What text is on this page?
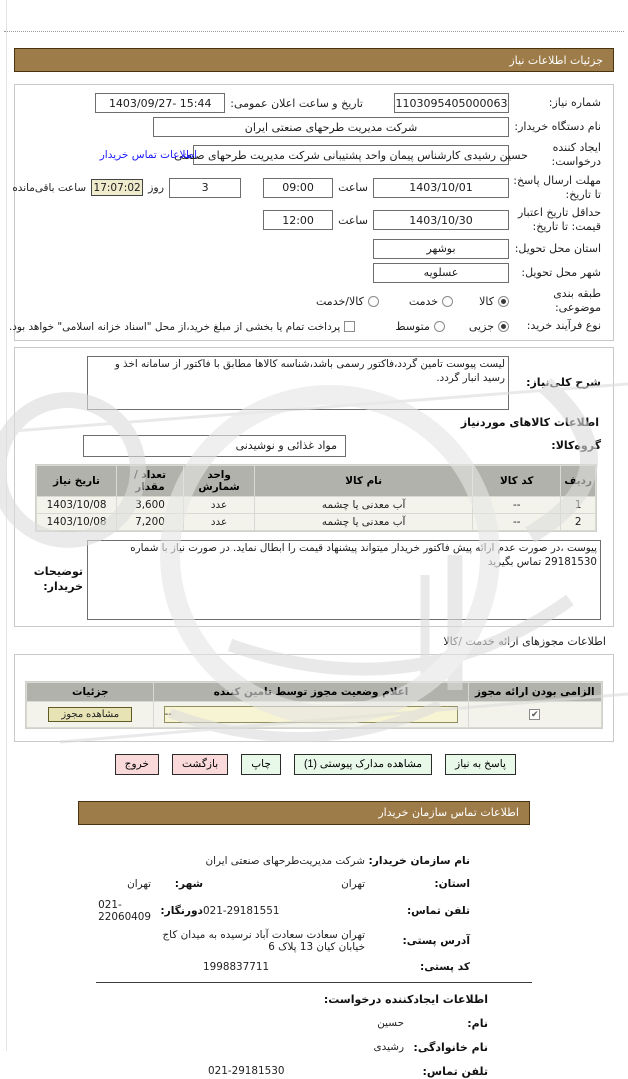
جزئیات اطلاعات نیاز
شماره نیاز:
1103095405000063
تاریخ و ساعت اعلان عمومی:
1403/09/27- 15:44
نام دستگاه خریدار:
شرکت مدیریت طرحهای صنعتی ایران
ایجاد کننده درخواست:
حسین رشیدی کارشناس پیمان واحد پشتیبانی شرکت مدیریت طرحهای صنعتی
اطلاعات تماس خریدار
مهلت ارسال پاسخ: تا تاریخ:
1403/10/01
ساعت
09:00
3
روز
17:07:02
ساعت باقی‌مانده
حداقل تاریخ اعتبار قیمت: تا تاریخ:
1403/10/30
ساعت
12:00
استان محل تحویل:
بوشهر
شهر محل تحویل:
عسلویه
طبقه بندی موضوعی:
کالا
خدمت
کالا/خدمت
نوع فرآیند خرید:
جزیی
متوسط
پرداخت تمام یا بخشی از مبلغ خرید،از محل "اسناد خزانه اسلامی" خواهد بود.
شرح کلی‌نیاز:
لیست پیوست تامین گردد،فاکتور رسمی باشد،شناسه کالاها مطابق با فاکتور از سامانه اخذ و رسید انبار گردد.
اطلاعات کالاهای موردنیاز
گروه‌کالا:
مواد غذائی و نوشیدنی
ردیف	کد کالا	نام کالا	واحد شمارش	تعداد / مقدار	تاریخ نیاز
1	--	آب معدنی یا چشمه	عدد	3,600	1403/10/08
2	--	آب معدنی یا چشمه	عدد	7,200	1403/10/08
پیوست ،در صورت عدم ارائه پیش فاکتور خریدار میتواند پیشنهاد قیمت را ابطال نماید. در صورت نیاز با شماره 29181530 تماس بگیرید
توضیحات خریدار:
اطلاعات مجوزهای ارائه خدمت /کالا
الزامی بودن ارائه مجوز	اعلام وضعیت مجوز توسط تامین کننده	جزئیات
✔	--	مشاهده مجوز
پاسخ به نیاز
مشاهده مدارک پیوستی (1)
چاپ
بازگشت
خروج
اطلاعات تماس سازمان خریدار
نام سازمان خریدار:
شرکت مدیریت‌طرحهای صنعتی ایران
استان:
تهران
شهر:
تهران
تلفن تماس:
021-29181551
دورنگار:
021-22060409
آدرس پستی:
تهران سعادت سعادت آباد نرسیده به میدان کاج خیابان کیان 13 پلاک 6
کد پستی:
1998837711
اطلاعات ایجادکننده درخواست:
نام:
حسین
نام خانوادگی:
رشیدی
تلفن تماس:
021-29181530
